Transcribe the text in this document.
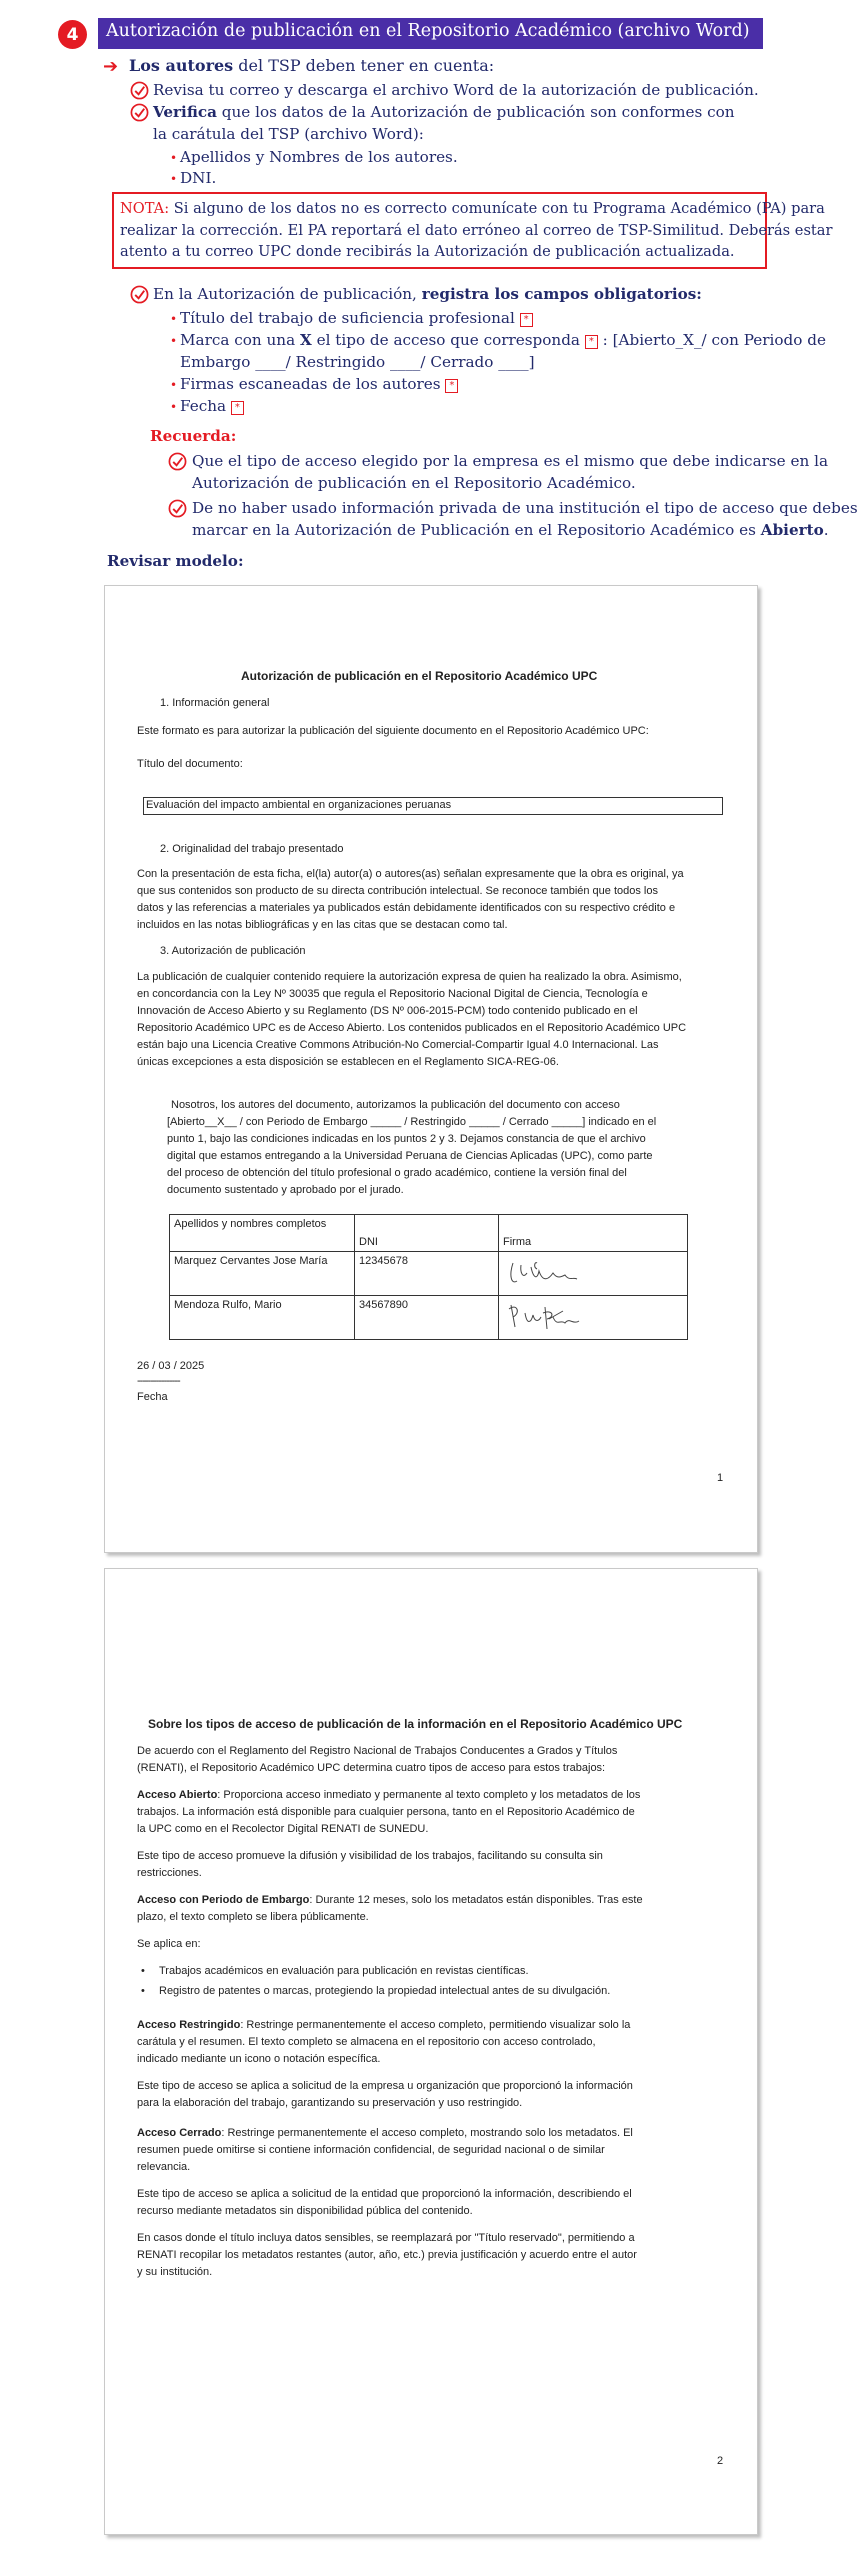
4	Autorización de publicación en el Repositorio Académico (archivo Word)
➔ Los autores del TSP deben tener en cuenta:
Revisa tu correo y descarga el archivo Word de la autorización de publicación.
Verifica que los datos de la Autorización de publicación son conformes con
la carátula del TSP (archivo Word):
• Apellidos y Nombres de los autores.
• DNI.
NOTA: Si alguno de los datos no es correcto comunícate con tu Programa Académico (PA) para
realizar la corrección. El PA reportará el dato erróneo al correo de TSP-Similitud. Deberás estar
atento a tu correo UPC donde recibirás la Autorización de publicación actualizada.
En la Autorización de publicación, registra los campos obligatorios:
• Título del trabajo de suficiencia profesional *
• Marca con una X el tipo de acceso que corresponda * : [Abierto_X_/ con Periodo de
Embargo ____/ Restringido ____/ Cerrado ____]
• Firmas escaneadas de los autores *
• Fecha *
Recuerda:
Que el tipo de acceso elegido por la empresa es el mismo que debe indicarse en la
Autorización de publicación en el Repositorio Académico.
De no haber usado información privada de una institución el tipo de acceso que debes
marcar en la Autorización de Publicación en el Repositorio Académico es Abierto.
Revisar modelo:
Autorización de publicación en el Repositorio Académico UPC
1. Información general
Este formato es para autorizar la publicación del siguiente documento en el Repositorio Académico UPC:
Título del documento:
Evaluación del impacto ambiental en organizaciones peruanas
2. Originalidad del trabajo presentado
Con la presentación de esta ficha, el(la) autor(a) o autores(as) señalan expresamente que la obra es original, ya
que sus contenidos son producto de su directa contribución intelectual. Se reconoce también que todos los
datos y las referencias a materiales ya publicados están debidamente identificados con su respectivo crédito e
incluidos en las notas bibliográficas y en las citas que se destacan como tal.
3. Autorización de publicación
La publicación de cualquier contenido requiere la autorización expresa de quien ha realizado la obra. Asimismo,
en concordancia con la Ley Nº 30035 que regula el Repositorio Nacional Digital de Ciencia, Tecnología e
Innovación de Acceso Abierto y su Reglamento (DS Nº 006-2015-PCM) todo contenido publicado en el
Repositorio Académico UPC es de Acceso Abierto. Los contenidos publicados en el Repositorio Académico UPC
están bajo una Licencia Creative Commons Atribución-No Comercial-Compartir Igual 4.0 Internacional. Las
únicas excepciones a esta disposición se establecen en el Reglamento SICA-REG-06.
Nosotros, los autores del documento, autorizamos la publicación del documento con acceso
[Abierto__X__ / con Periodo de Embargo _____ / Restringido _____ / Cerrado _____] indicado en el
punto 1, bajo las condiciones indicadas en los puntos 2 y 3. Dejamos constancia de que el archivo
digital que estamos entregando a la Universidad Peruana de Ciencias Aplicadas (UPC), como parte
del proceso de obtención del título profesional o grado académico, contiene la versión final del
documento sustentado y aprobado por el jurado.
Apellidos y nombres completos	DNI	Firma
Marquez Cervantes Jose María	12345678	
Mendoza Rulfo, Mario	34567890	
26 / 03 / 2025
----------------
Fecha
1
Sobre los tipos de acceso de publicación de la información en el Repositorio Académico UPC
De acuerdo con el Reglamento del Registro Nacional de Trabajos Conducentes a Grados y Títulos
(RENATI), el Repositorio Académico UPC determina cuatro tipos de acceso para estos trabajos:
Acceso Abierto: Proporciona acceso inmediato y permanente al texto completo y los metadatos de los
trabajos. La información está disponible para cualquier persona, tanto en el Repositorio Académico de
la UPC como en el Recolector Digital RENATI de SUNEDU.
Este tipo de acceso promueve la difusión y visibilidad de los trabajos, facilitando su consulta sin
restricciones.
Acceso con Periodo de Embargo: Durante 12 meses, solo los metadatos están disponibles. Tras este
plazo, el texto completo se libera públicamente.
Se aplica en:
• Trabajos académicos en evaluación para publicación en revistas científicas.
• Registro de patentes o marcas, protegiendo la propiedad intelectual antes de su divulgación.
Acceso Restringido: Restringe permanentemente el acceso completo, permitiendo visualizar solo la
carátula y el resumen. El texto completo se almacena en el repositorio con acceso controlado,
indicado mediante un icono o notación específica.
Este tipo de acceso se aplica a solicitud de la empresa u organización que proporcionó la información
para la elaboración del trabajo, garantizando su preservación y uso restringido.
Acceso Cerrado: Restringe permanentemente el acceso completo, mostrando solo los metadatos. El
resumen puede omitirse si contiene información confidencial, de seguridad nacional o de similar
relevancia.
Este tipo de acceso se aplica a solicitud de la entidad que proporcionó la información, describiendo el
recurso mediante metadatos sin disponibilidad pública del contenido.
En casos donde el título incluya datos sensibles, se reemplazará por "Título reservado", permitiendo a
RENATI recopilar los metadatos restantes (autor, año, etc.) previa justificación y acuerdo entre el autor
y su institución.
2
